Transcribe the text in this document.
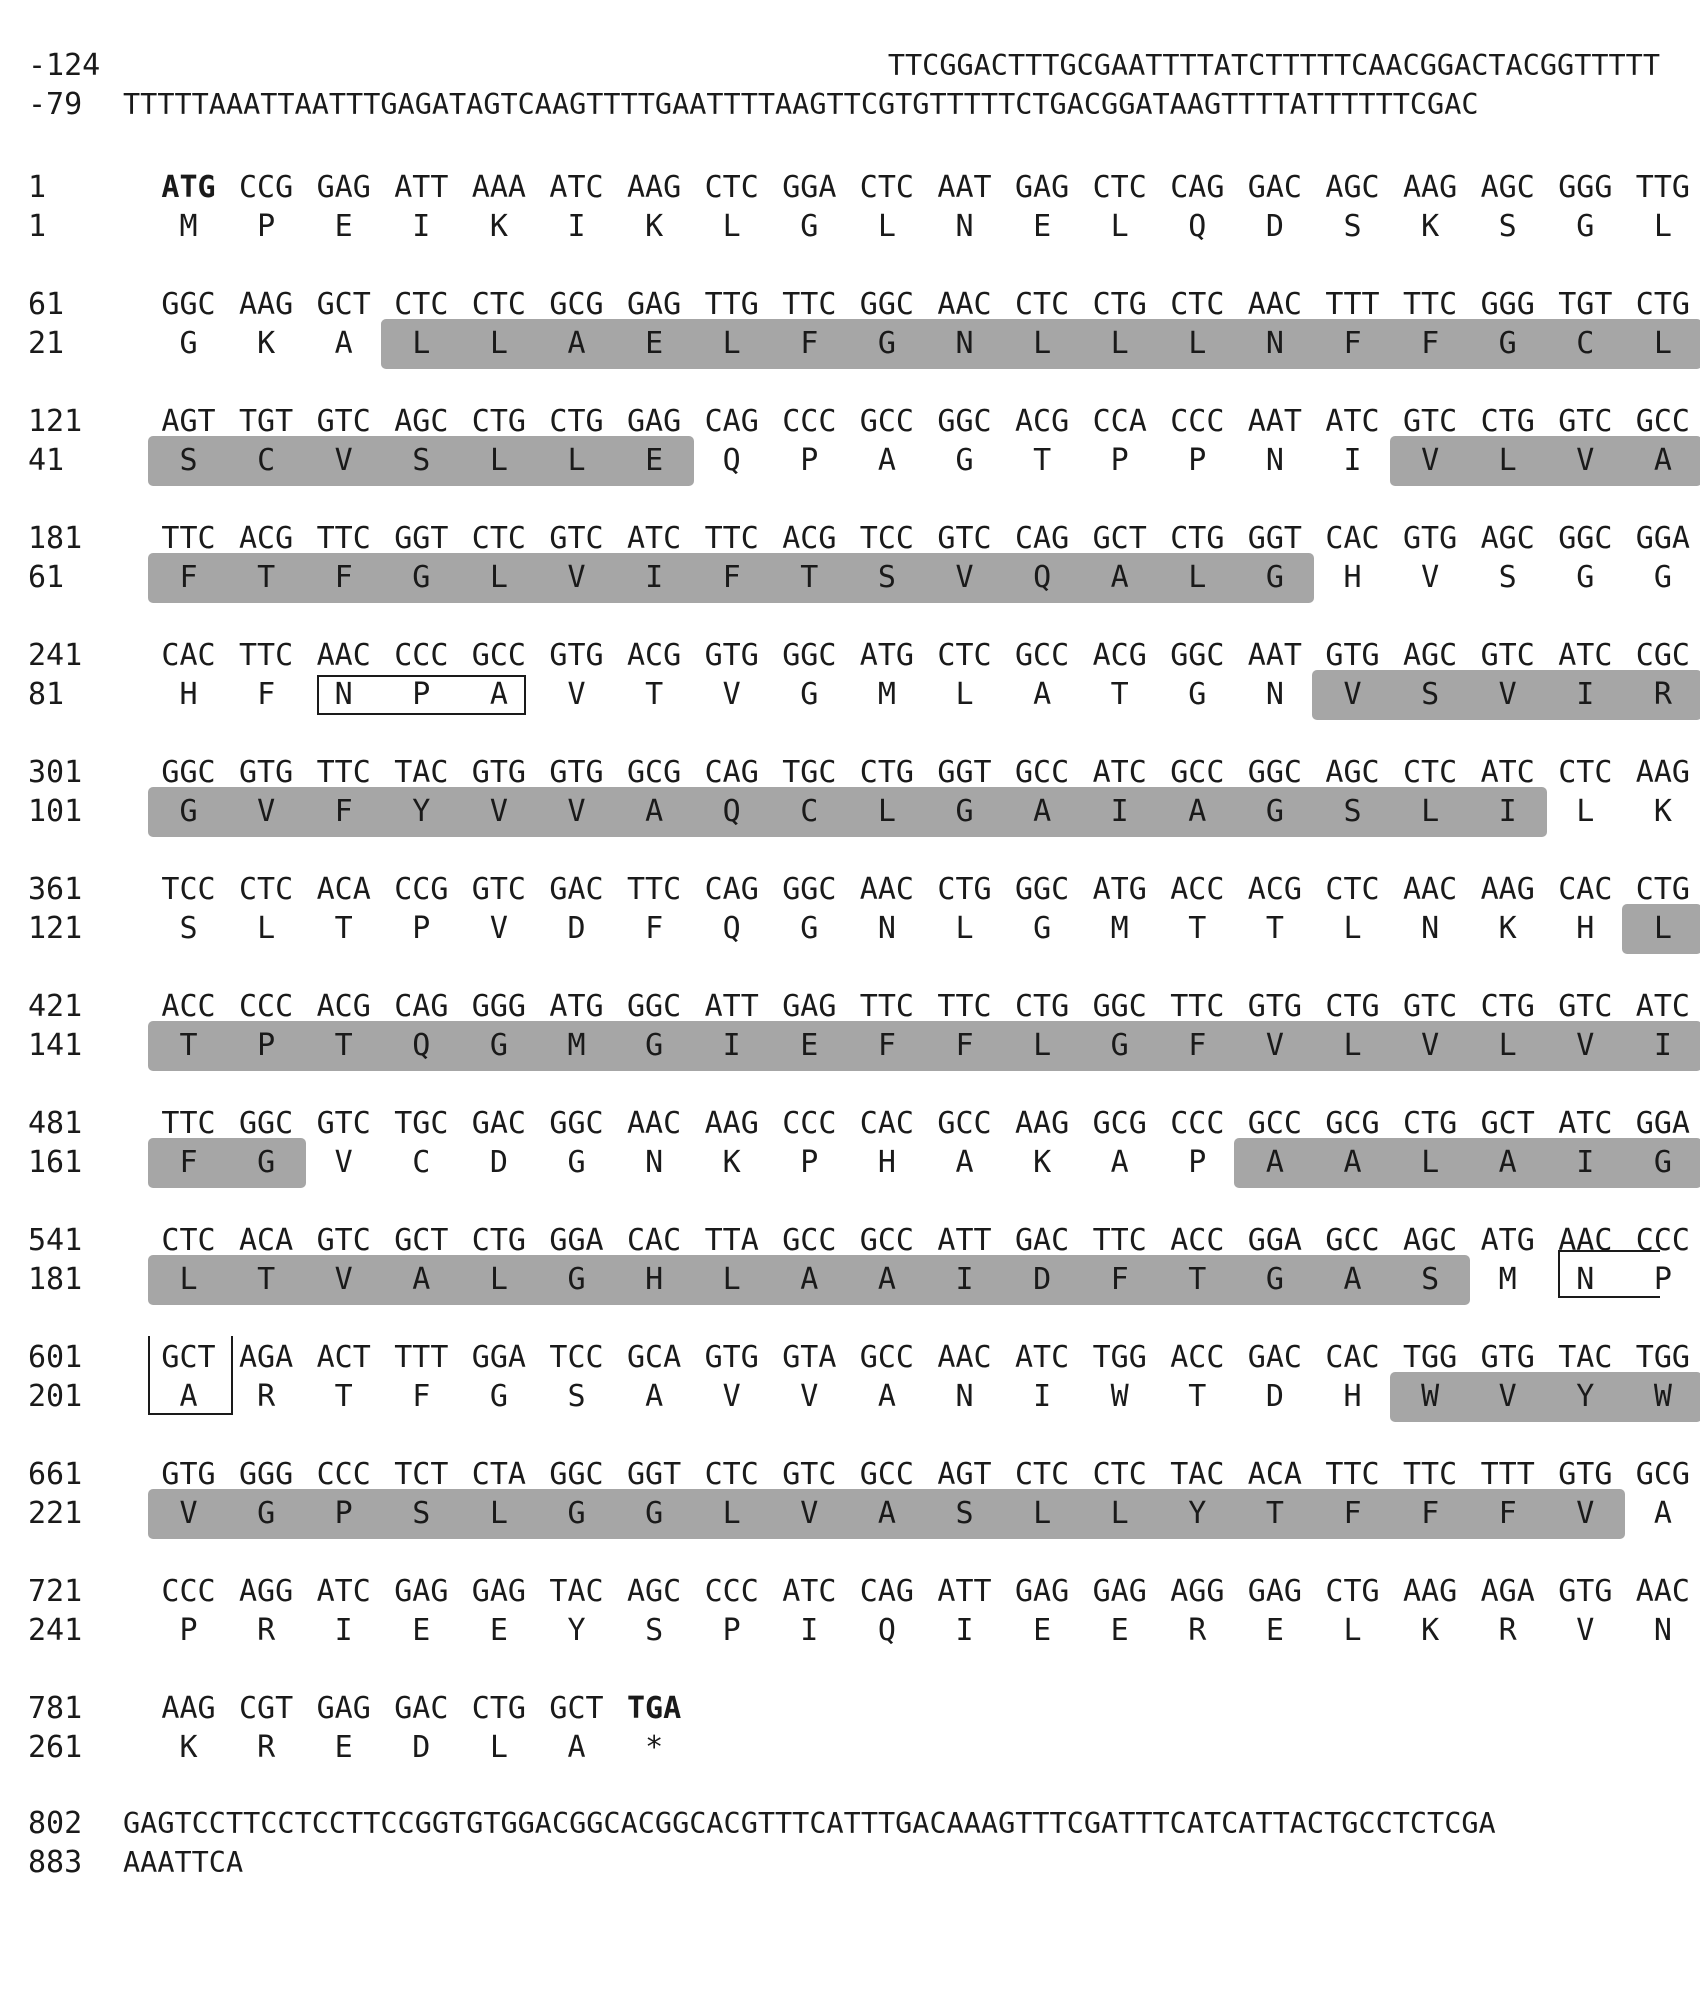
-124	TTCGGACTTTGCGAATTTTATCTTTTTCAACGGACTACGGTTTTT
-79	TTTTTAAATTAATTTGAGATAGTCAAGTTTTGAATTTTAAGTTCGTGTTTTTCTGACGGATAAGTTTTATTTTTTCGAC
1
1
ATG CCG GAG ATT AAA ATC AAG CTC GGA CTC AAT GAG CTC CAG GAC AGC AAG AGC GGG TTG
M	P	E	I	K	I	K	L	G	L	N	E	L	Q	D	S	K	S	G	L
61
21
GGC AAG GCT CTC CTC GCG GAG TTG TTC GGC AAC CTC CTG CTC AAC TTT TTC GGG TGT CTG
G	K	A	L	L	A	E	L	F	G	N	L	L	L	N	F	F	G	C	L
121
41
AGT TGT GTC AGC CTG CTG GAG CAG CCC GCC GGC ACG CCA CCC AAT ATC GTC CTG GTC GCC
S	C	V	S	L	L	E	Q	P	A	G	T	P	P	N	I	V	L	V	A
181
61
TTC ACG TTC GGT CTC GTC ATC TTC ACG TCC GTC CAG GCT CTG GGT CAC GTG AGC GGC GGA
F	T	F	G	L	V	I	F	T	S	V	Q	A	L	G	H	V	S	G	G
241
81
CAC TTC AAC CCC GCC GTG ACG GTG GGC ATG CTC GCC ACG GGC AAT GTG AGC GTC ATC CGC
H	F	N	P	A	V	T	V	G	M	L	A	T	G	N	V	S	V	I	R
301
101
GGC GTG TTC TAC GTG GTG GCG CAG TGC CTG GGT GCC ATC GCC GGC AGC CTC ATC CTC AAG
G	V	F	Y	V	V	A	Q	C	L	G	A	I	A	G	S	L	I	L	K
361
121
TCC CTC ACA CCG GTC GAC TTC CAG GGC AAC CTG GGC ATG ACC ACG CTC AAC AAG CAC CTG
S	L	T	P	V	D	F	Q	G	N	L	G	M	T	T	L	N	K	H	L
421
141
ACC CCC ACG CAG GGG ATG GGC ATT GAG TTC TTC CTG GGC TTC GTG CTG GTC CTG GTC ATC
T	P	T	Q	G	M	G	I	E	F	F	L	G	F	V	L	V	L	V	I
481
161
TTC GGC GTC TGC GAC GGC AAC AAG CCC CAC GCC AAG GCG CCC GCC GCG CTG GCT ATC GGA
F	G	V	C	D	G	N	K	P	H	A	K	A	P	A	A	L	A	I	G
541
181
CTC ACA GTC GCT CTG GGA CAC TTA GCC GCC ATT GAC TTC ACC GGA GCC AGC ATG AAC CCC
L	T	V	A	L	G	H	L	A	A	I	D	F	T	G	A	S	M	N	P
601
201
GCT AGA ACT TTT GGA TCC GCA GTG GTA GCC AAC ATC TGG ACC GAC CAC TGG GTG TAC TGG
A	R	T	F	G	S	A	V	V	A	N	I	W	T	D	H	W	V	Y	W
661
221
GTG GGG CCC TCT CTA GGC GGT CTC GTC GCC AGT CTC CTC TAC ACA TTC TTC TTT GTG GCG
V	G	P	S	L	G	G	L	V	A	S	L	L	Y	T	F	F	F	V	A
721
241
CCC AGG ATC GAG GAG TAC AGC CCC ATC CAG ATT GAG GAG AGG GAG CTG AAG AGA GTG AAC
P	R	I	E	E	Y	S	P	I	Q	I	E	E	R	E	L	K	R	V	N
781
261
AAG CGT GAG GAC CTG GCT TGA
K	R	E	D	L	A	*
802	GAGTCCTTCCTCCTTCCGGTGTGGACGGCACGGCACGTTTCATTTGACAAAGTTTCGATTTCATCATTACTGCCTCTCGA
883	AAATTCA
